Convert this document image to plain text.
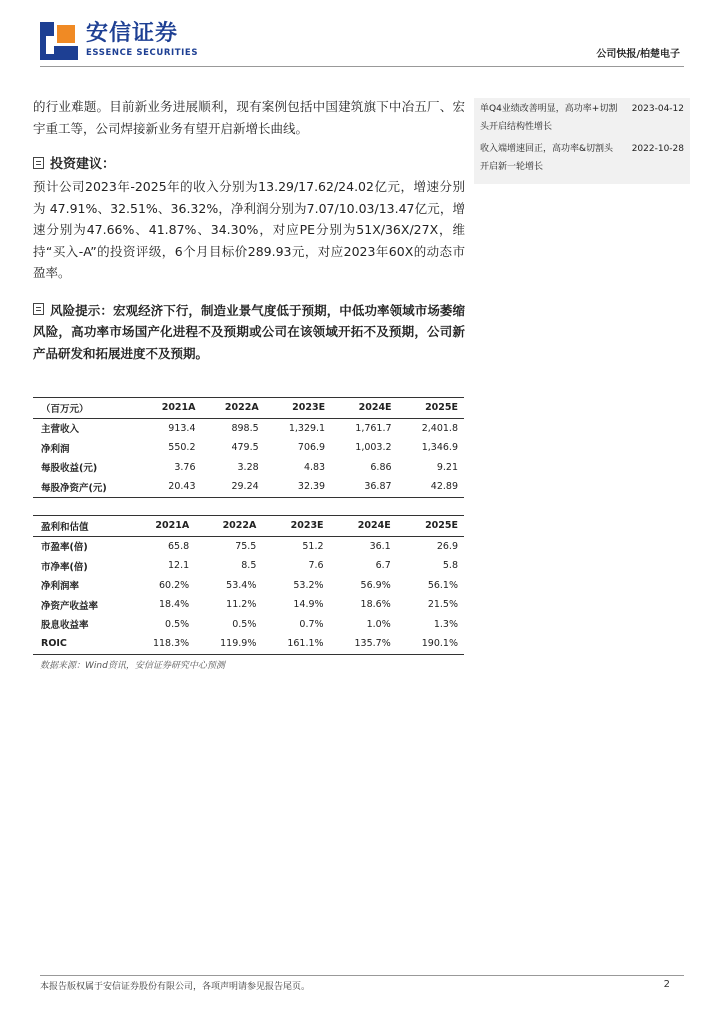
安信证券
ESSENCE SECURITIES	公司快报/柏楚电子

的行业难题。目前新业务进展顺利，现有案例包括中国建筑旗下中冶五厂、宏宇重工等，公司焊接新业务有望开启新增长曲线。

投资建议：

预计公司2023年-2025年的收入分别为13.29/17.62/24.02亿元，增速分别为 47.91%、32.51%、36.32%，净利润分别为7.07/10.03/13.47亿元，增速分别为47.66%、41.87%、34.30%，对应PE分别为51X/36X/27X，维持“买入-A”的投资评级，6个月目标价289.93元，对应2023年60X的动态市盈率。

风险提示：宏观经济下行，制造业景气度低于预期，中低功率领域市场萎缩风险，高功率市场国产化进程不及预期或公司在该领域开拓不及预期，公司新产品研发和拓展进度不及预期。
单Q4业绩改善明显，高功率+切割头开启结构性增长
2023-04-12
收入端增速回正，高功率&切割头开启新一轮增长
2022-10-28
（百万元）	2021A	2022A	2023E	2024E	2025E
主营收入	913.4	898.5	1,329.1	1,761.7	2,401.8
净利润	550.2	479.5	706.9	1,003.2	1,346.9
每股收益(元)	3.76	3.28	4.83	6.86	9.21
每股净资产(元)	20.43	29.24	32.39	36.87	42.89
盈利和估值	2021A	2022A	2023E	2024E	2025E
市盈率(倍)	65.8	75.5	51.2	36.1	26.9
市净率(倍)	12.1	8.5	7.6	6.7	5.8
净利润率	60.2%	53.4%	53.2%	56.9%	56.1%
净资产收益率	18.4%	11.2%	14.9%	18.6%	21.5%
股息收益率	0.5%	0.5%	0.7%	1.0%	1.3%
ROIC	118.3%	119.9%	161.1%	135.7%	190.1%
数据来源：Wind资讯，安信证券研究中心预测
本报告版权属于安信证券股份有限公司，各项声明请参见报告尾页。	2
